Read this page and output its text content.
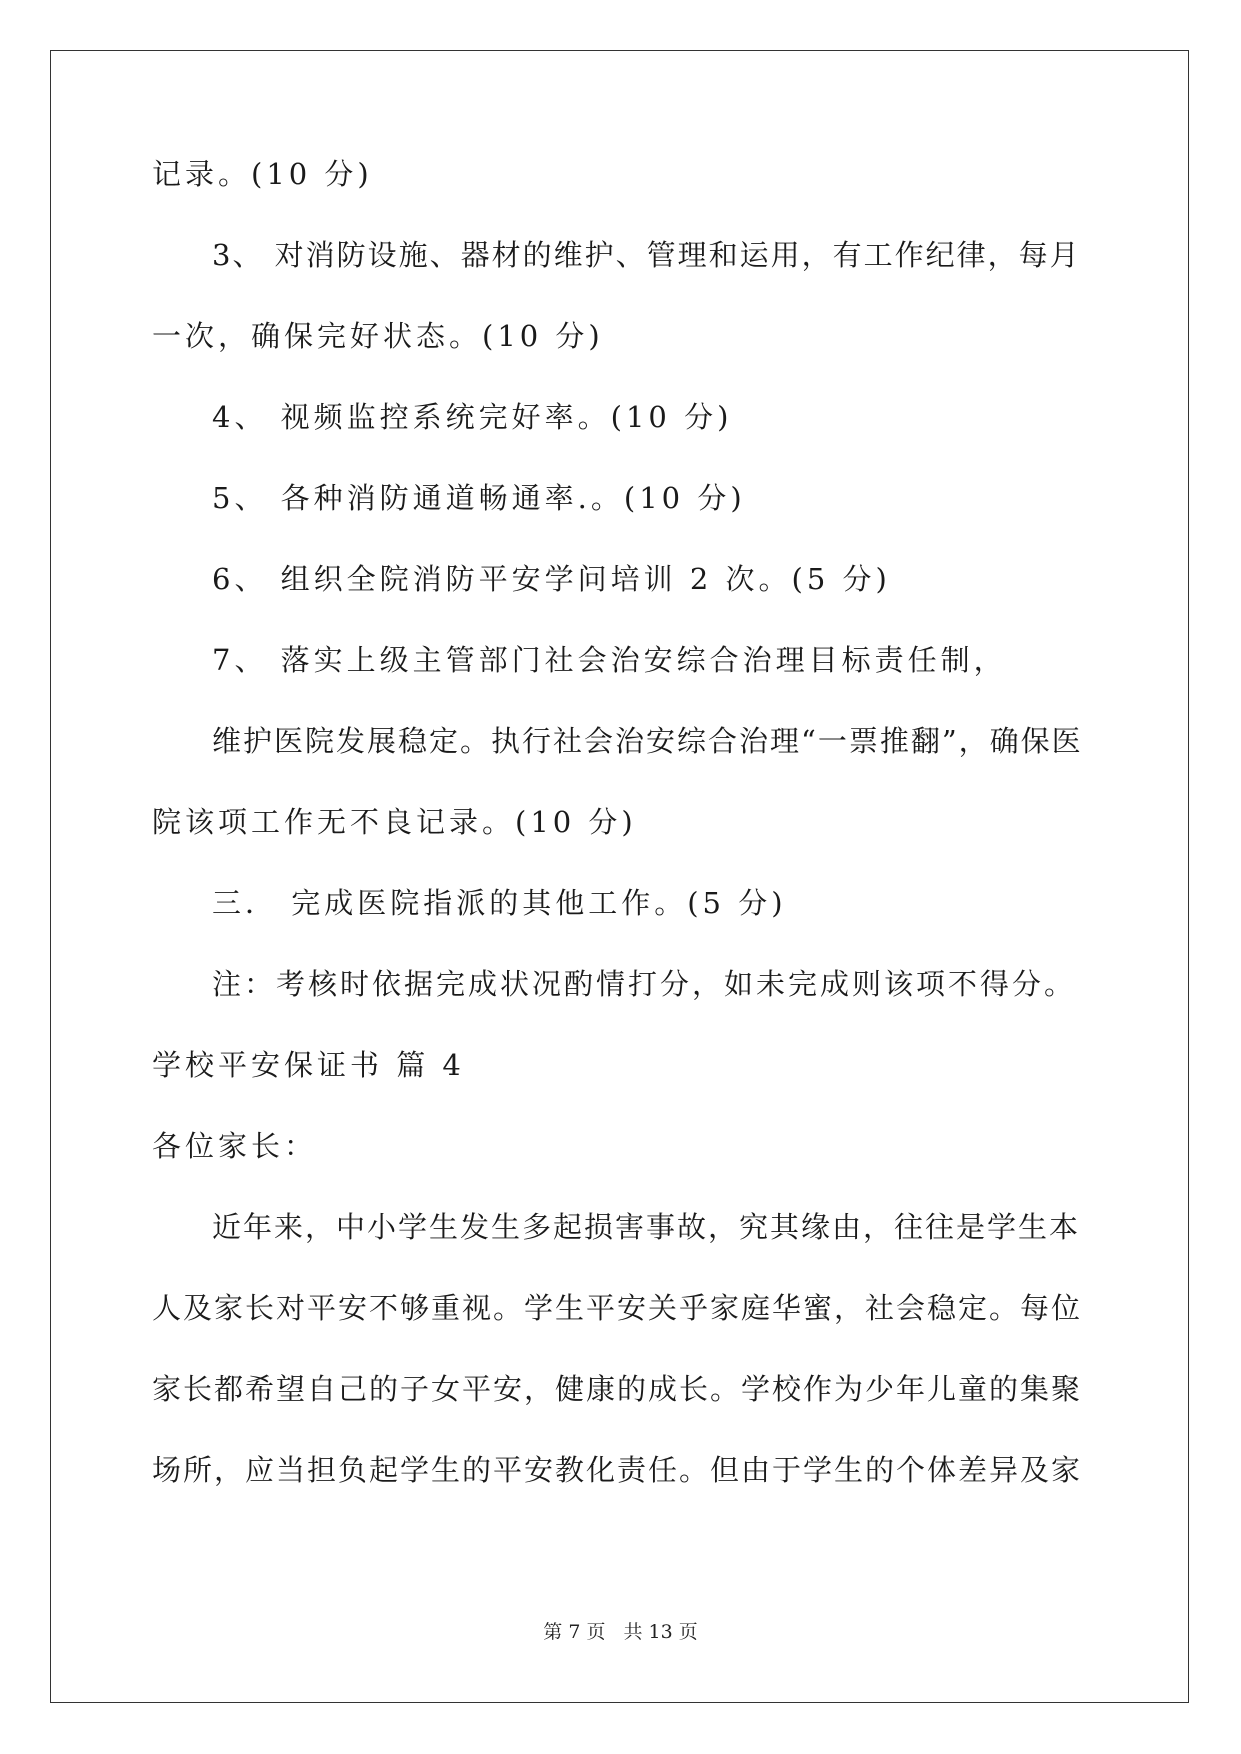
记录。(10 分)
3、 对消防设施、器材的维护、管理和运用，有工作纪律，每月
一次，确保完好状态。(10 分)
4、 视频监控系统完好率。(10 分)
5、 各种消防通道畅通率.。(10 分)
6、 组织全院消防平安学问培训 2 次。(5 分)
7、 落实上级主管部门社会治安综合治理目标责任制，
维护医院发展稳定。执行社会治安综合治理“一票推翻”，确保医
院该项工作无不良记录。(10 分)
三． 完成医院指派的其他工作。(5 分)
注：考核时依据完成状况酌情打分，如未完成则该项不得分。
学校平安保证书 篇 4
各位家长：
近年来，中小学生发生多起损害事故，究其缘由，往往是学生本
人及家长对平安不够重视。学生平安关乎家庭华蜜，社会稳定。每位
家长都希望自己的子女平安，健康的成长。学校作为少年儿童的集聚
场所，应当担负起学生的平安教化责任。但由于学生的个体差异及家
第 7 页 共 13 页
